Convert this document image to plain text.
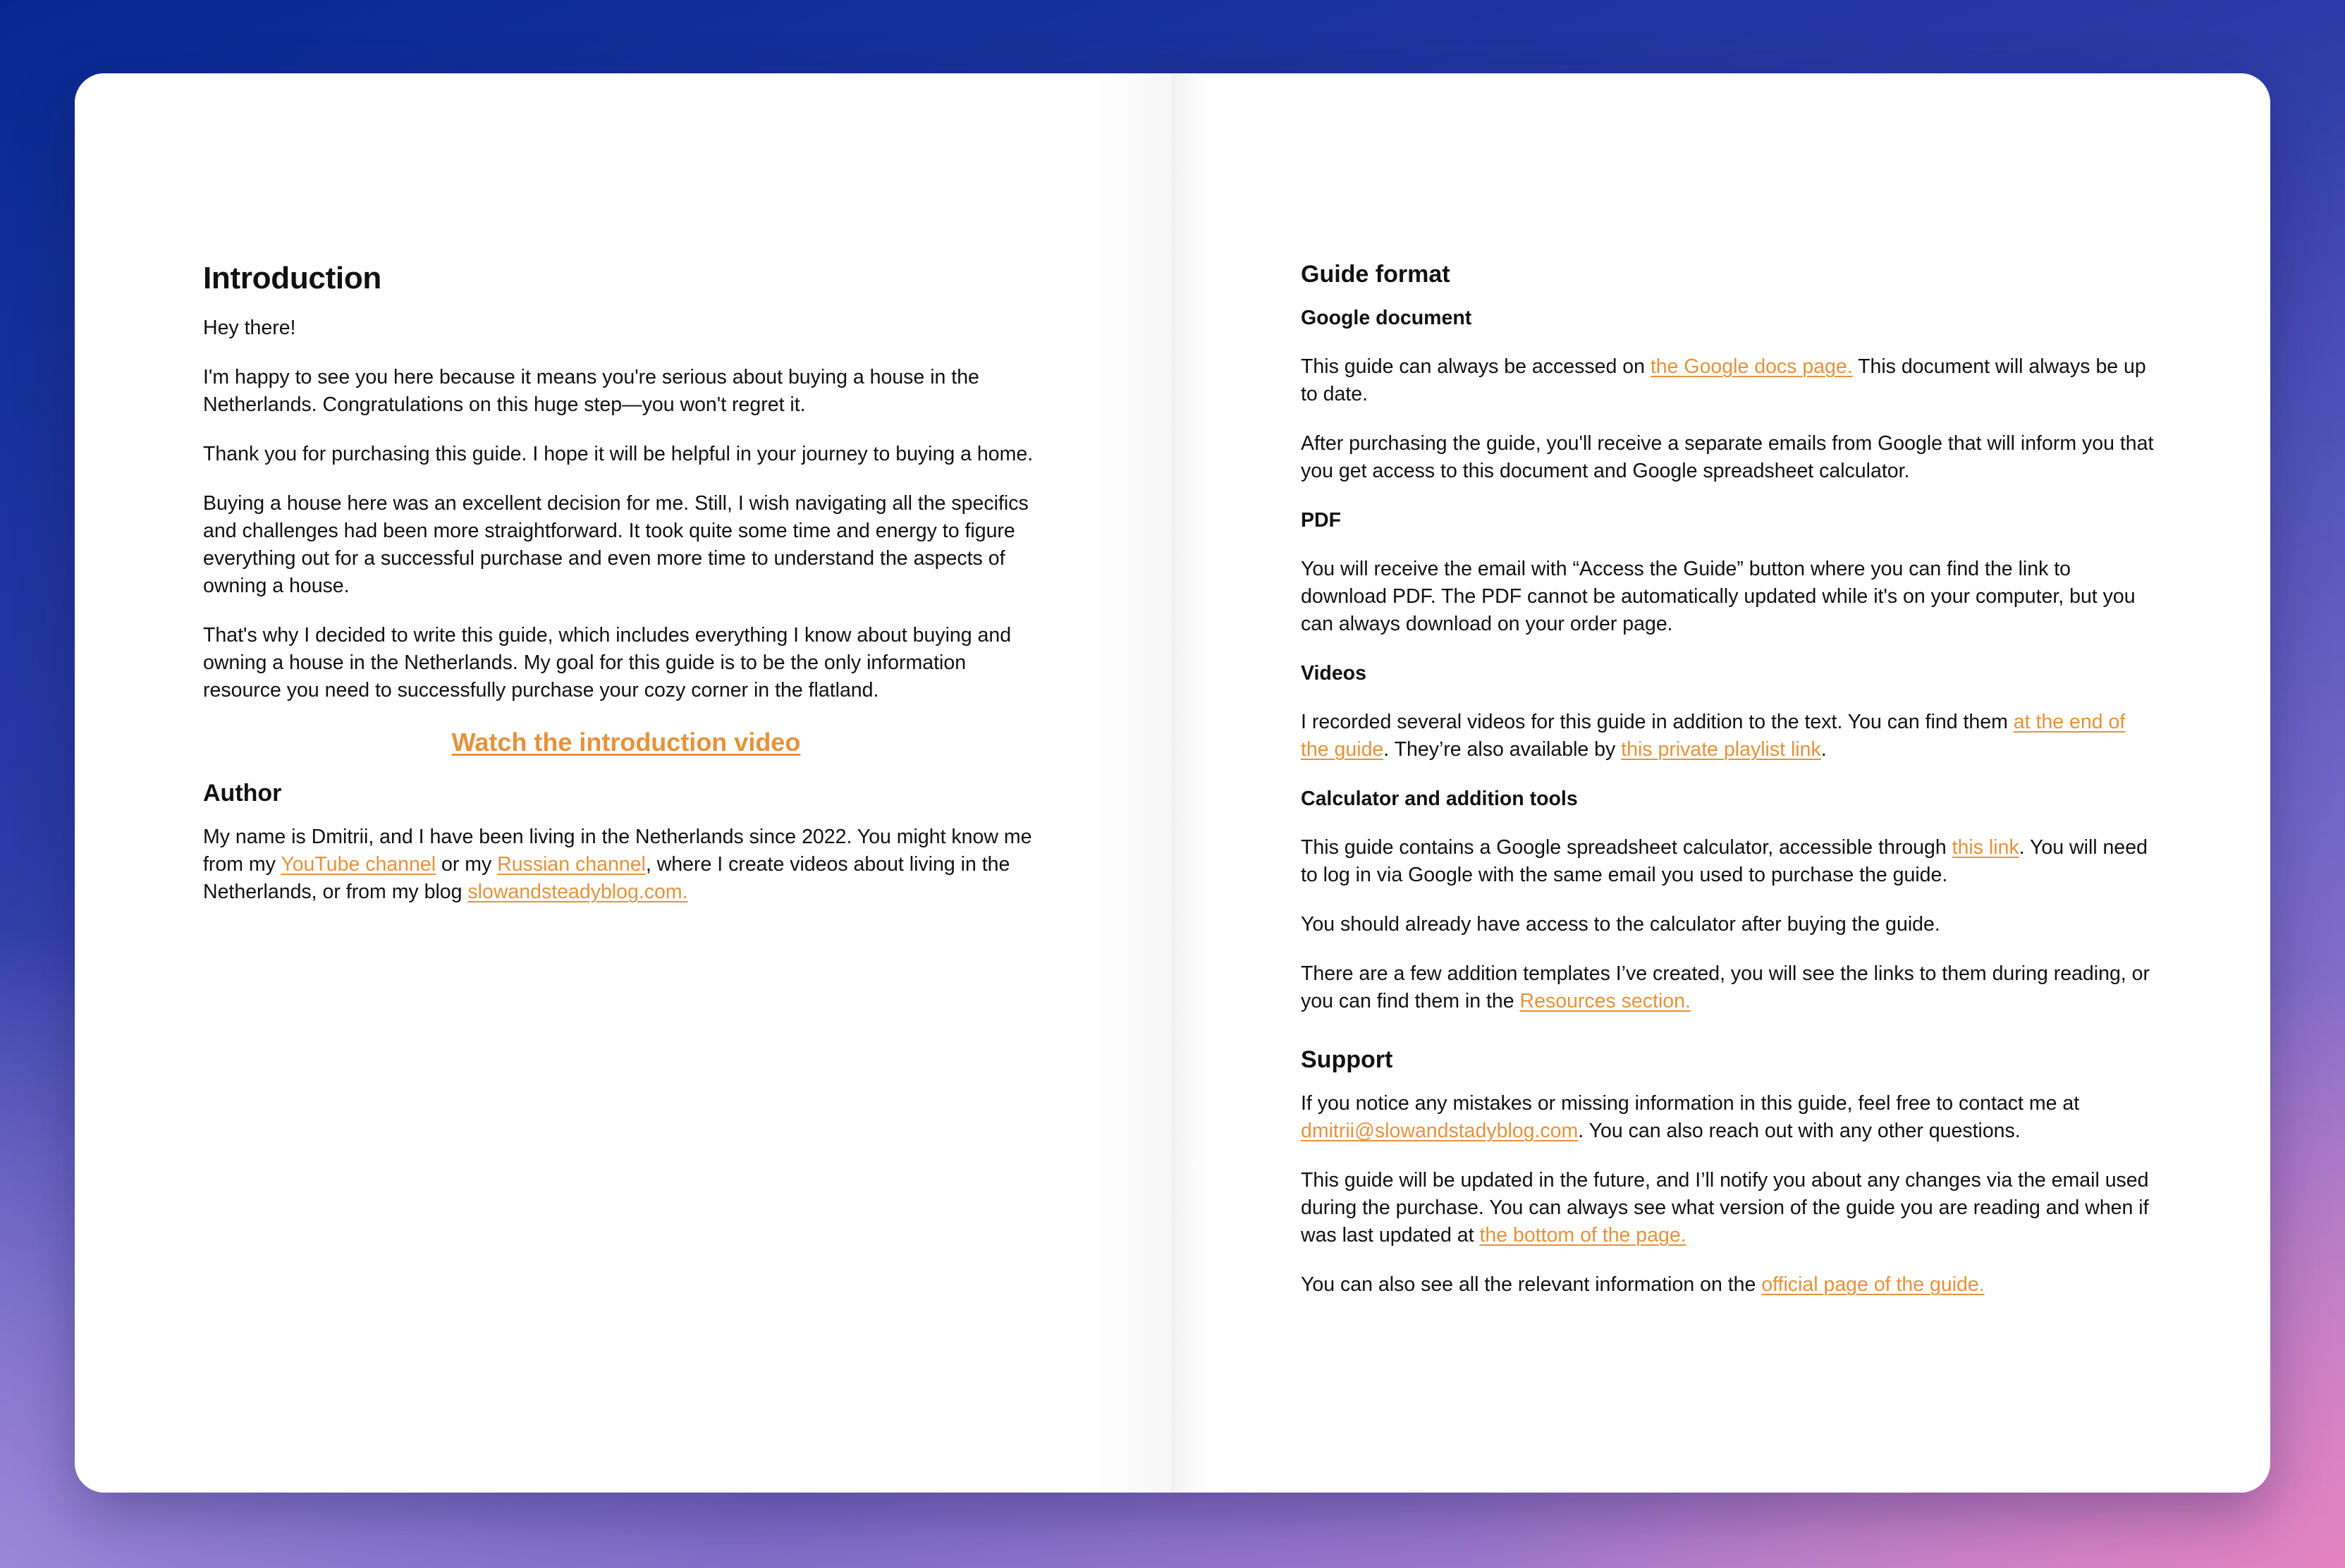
Introduction

Hey there!

I'm happy to see you here because it means you're serious about buying a house in the Netherlands. Congratulations on this huge step—you won't regret it.

Thank you for purchasing this guide. I hope it will be helpful in your journey to buying a home.

Buying a house here was an excellent decision for me. Still, I wish navigating all the specifics and challenges had been more straightforward. It took quite some time and energy to figure everything out for a successful purchase and even more time to understand the aspects of owning a house.

That's why I decided to write this guide, which includes everything I know about buying and owning a house in the Netherlands. My goal for this guide is to be the only information resource you need to successfully purchase your cozy corner in the flatland.

Watch the introduction video
Author

My name is Dmitrii, and I have been living in the Netherlands since 2022. You might know me from my YouTube channel or my Russian channel, where I create videos about living in the Netherlands, or from my blog slowandsteadyblog.com.

Guide format
Google document

This guide can always be accessed on the Google docs page. This document will always be up to date.

After purchasing the guide, you'll receive a separate emails from Google that will inform you that you get access to this document and Google spreadsheet calculator.

PDF

You will receive the email with “Access the Guide” button where you can find the link to download PDF. The PDF cannot be automatically updated while it's on your computer, but you can always download on your order page.

Videos

I recorded several videos for this guide in addition to the text. You can find them at the end of the guide. They’re also available by this private playlist link.

Calculator and addition tools

This guide contains a Google spreadsheet calculator, accessible through this link. You will need to log in via Google with the same email you used to purchase the guide.

You should already have access to the calculator after buying the guide.

There are a few addition templates I’ve created, you will see the links to them during reading, or you can find them in the Resources section.

Support

If you notice any mistakes or missing information in this guide, feel free to contact me at dmitrii@slowandstadyblog.com. You can also reach out with any other questions.

This guide will be updated in the future, and I’ll notify you about any changes via the email used during the purchase. You can always see what version of the guide you are reading and when if was last updated at the bottom of the page.

You can also see all the relevant information on the official page of the guide.
